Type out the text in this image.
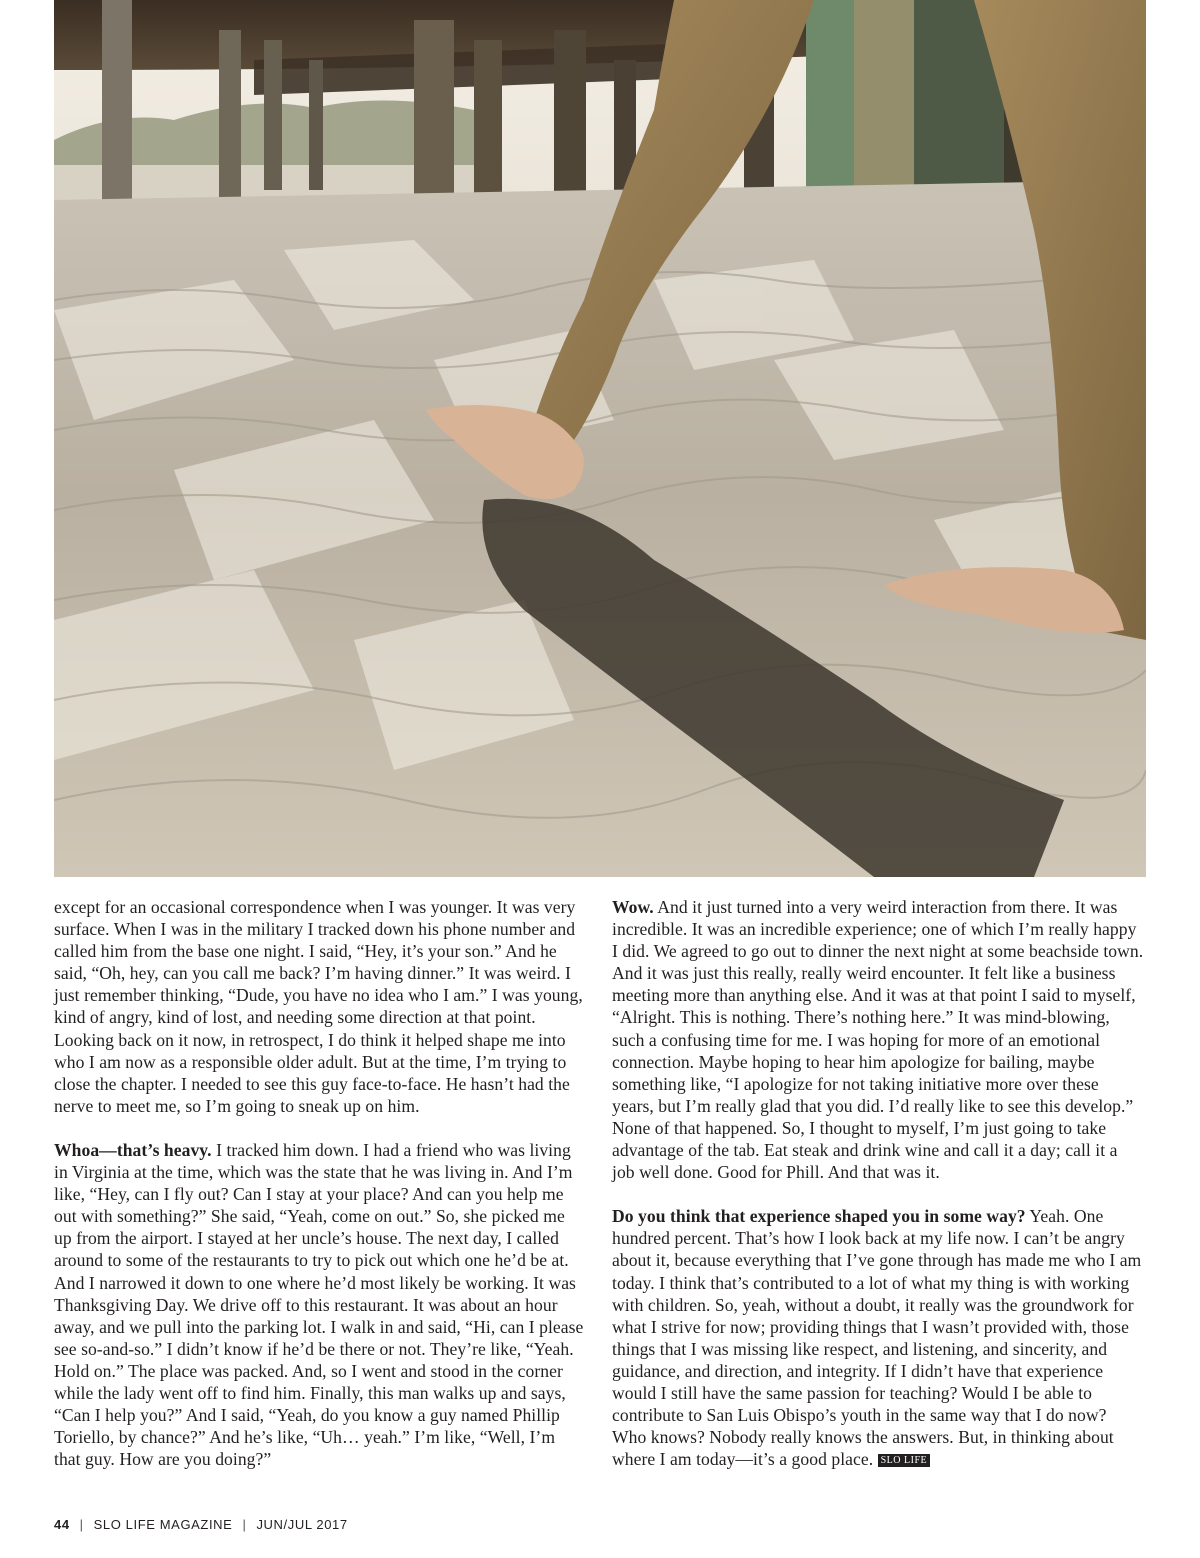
except for an occasional correspondence when I was younger. It was very surface. When I was in the military I tracked down his phone number and called him from the base one night. I said, “Hey, it’s your son.” And he said, “Oh, hey, can you call me back? I’m having dinner.” It was weird. I just remember thinking, “Dude, you have no idea who I am.” I was young, kind of angry, kind of lost, and needing some direction at that point. Looking back on it now, in retrospect, I do think it helped shape me into who I am now as a responsible older adult. But at the time, I’m trying to close the chapter. I needed to see this guy face-to-face. He hasn’t had the nerve to meet me, so I’m going to sneak up on him.

Whoa—that’s heavy. I tracked him down. I had a friend who was living in Virginia at the time, which was the state that he was living in. And I’m like, “Hey, can I fly out? Can I stay at your place? And can you help me out with something?” She said, “Yeah, come on out.” So, she picked me up from the airport. I stayed at her uncle’s house. The next day, I called around to some of the restaurants to try to pick out which one he’d be at. And I narrowed it down to one where he’d most likely be working. It was Thanksgiving Day. We drive off to this restaurant. It was about an hour away, and we pull into the parking lot. I walk in and said, “Hi, can I please see so-and-so.” I didn’t know if he’d be there or not. They’re like, “Yeah. Hold on.” The place was packed. And, so I went and stood in the corner while the lady went off to find him. Finally, this man walks up and says, “Can I help you?” And I said, “Yeah, do you know a guy named Phillip Toriello, by chance?” And he’s like, “Uh… yeah.” I’m like, “Well, I’m that guy. How are you doing?”

Wow. And it just turned into a very weird interaction from there. It was incredible. It was an incredible experience; one of which I’m really happy I did. We agreed to go out to dinner the next night at some beachside town. And it was just this really, really weird encounter. It felt like a business meeting more than anything else. And it was at that point I said to myself, “Alright. This is nothing. There’s nothing here.” It was mind-blowing, such a confusing time for me. I was hoping for more of an emotional connection. Maybe hoping to hear him apologize for bailing, maybe something like, “I apologize for not taking initiative more over these years, but I’m really glad that you did. I’d really like to see this develop.” None of that happened. So, I thought to myself, I’m just going to take advantage of the tab. Eat steak and drink wine and call it a day; call it a job well done. Good for Phill. And that was it.

Do you think that experience shaped you in some way? Yeah. One hundred percent. That’s how I look back at my life now. I can’t be angry about it, because everything that I’ve gone through has made me who I am today. I think that’s contributed to a lot of what my thing is with working with children. So, yeah, without a doubt, it really was the groundwork for what I strive for now; providing things that I wasn’t provided with, those things that I was missing like respect, and listening, and sincerity, and guidance, and direction, and integrity. If I didn’t have that experience would I still have the same passion for teaching? Would I be able to contribute to San Luis Obispo’s youth in the same way that I do now? Who knows? Nobody really knows the answers. But, in thinking about where I am today—it’s a good place. SLO LIFE

44 | SLO LIFE MAGAZINE | JUN/JUL 2017
